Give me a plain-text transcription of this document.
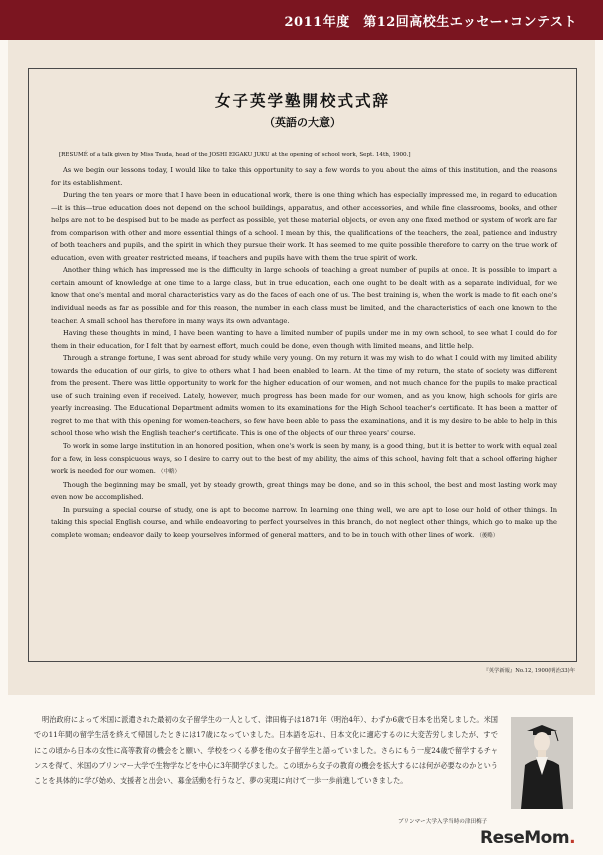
2011年度　第12回高校生エッセー･コンテスト
女子英学塾開校式式辞
（英語の大意）
[RESUMÉ of a talk given by Miss Tsuda, head of the JOSHI EIGAKU JUKU at the opening of school work, Sept. 14th, 1900.]

As we begin our lessons today, I would like to take this opportunity to say a few words to you about the aims of this institution, and the reasons for its establishment.

During the ten years or more that I have been in educational work, there is one thing which has especially impressed me, in regard to education—it is this—true education does not depend on the school buildings, apparatus, and other accessories, and while fine classrooms, books, and other helps are not to be despised but to be made as perfect as possible, yet these material objects, or even any one fixed method or system of work are far from comparison with other and more essential things of a school. I mean by this, the qualifications of the teachers, the zeal, patience and industry of both teachers and pupils, and the spirit in which they pursue their work. It has seemed to me quite possible therefore to carry on the true work of education, even with greater restricted means, if teachers and pupils have with them the true spirit of work.

Another thing which has impressed me is the difficulty in large schools of teaching a great number of pupils at once. It is possible to impart a certain amount of knowledge at one time to a large class, but in true education, each one ought to be dealt with as a separate individual, for we know that one's mental and moral characteristics vary as do the faces of each one of us. The best training is, when the work is made to fit each one's individual needs as far as possible and for this reason, the number in each class must be limited, and the characteristics of each one known to the teacher. A small school has therefore in many ways its own advantage.

Having these thoughts in mind, I have been wanting to have a limited number of pupils under me in my own school, to see what I could do for them in their education, for I felt that by earnest effort, much could be done, even though with limited means, and little help.

Through a strange fortune, I was sent abroad for study while very young. On my return it was my wish to do what I could with my limited ability towards the education of our girls, to give to others what I had been enabled to learn. At the time of my return, the state of society was different from the present. There was little opportunity to work for the higher education of our women, and not much chance for the pupils to make practical use of such training even if received. Lately, however, much progress has been made for our women, and as you know, high schools for girls are yearly increasing. The Educational Department admits women to its examinations for the High School teacher's certificate. It has been a matter of regret to me that with this opening for women-teachers, so few have been able to pass the examinations, and it is my desire to be able to help in this school those who wish the English teacher's certificate. This is one of the objects of our three years' course.

To work in some large institution in an honored position, when one's work is seen by many, is a good thing, but it is better to work with equal zeal for a few, in less conspicuous ways, so I desire to carry out to the best of my ability, the aims of this school, having felt that a school offering higher work is needed for our women. （中略）

Though the beginning may be small, yet by steady growth, great things may be done, and so in this school, the best and most lasting work may even now be accomplished.

In pursuing a special course of study, one is apt to become narrow. In learning one thing well, we are apt to lose our hold of other things. In taking this special English course, and while endeavoring to perfect yourselves in this branch, do not neglect other things, which go to make up the complete woman; endeavor daily to keep yourselves informed of general matters, and to be in touch with other lines of work. （後略）

『英学新報』No.12, 1900(明治33)年

明治政府によって米国に派遣された最初の女子留学生の一人として、津田梅子は1871年（明治4年）、わずか6歳で日本を出発しました。米国での11年間の留学生活を終えて帰国したときには17歳になっていました。日本語を忘れ、日本文化に適応するのに大変苦労しましたが、すでにこの頃から日本の女性に高等教育の機会をと願い、学校をつくる夢を他の女子留学生と語っていました。さらにもう一度24歳で留学するチャンスを得て、米国のブリンマー大学で生物学などを中心に3年間学びました。この頃から女子の教育の機会を拡大するには何が必要なのかということを具体的に学び始め、支援者と出会い、募金活動を行うなど、夢の実現に向けて一歩一歩前進していきました。

ブリンマー大学入学当時の津田梅子
ReseMom.
